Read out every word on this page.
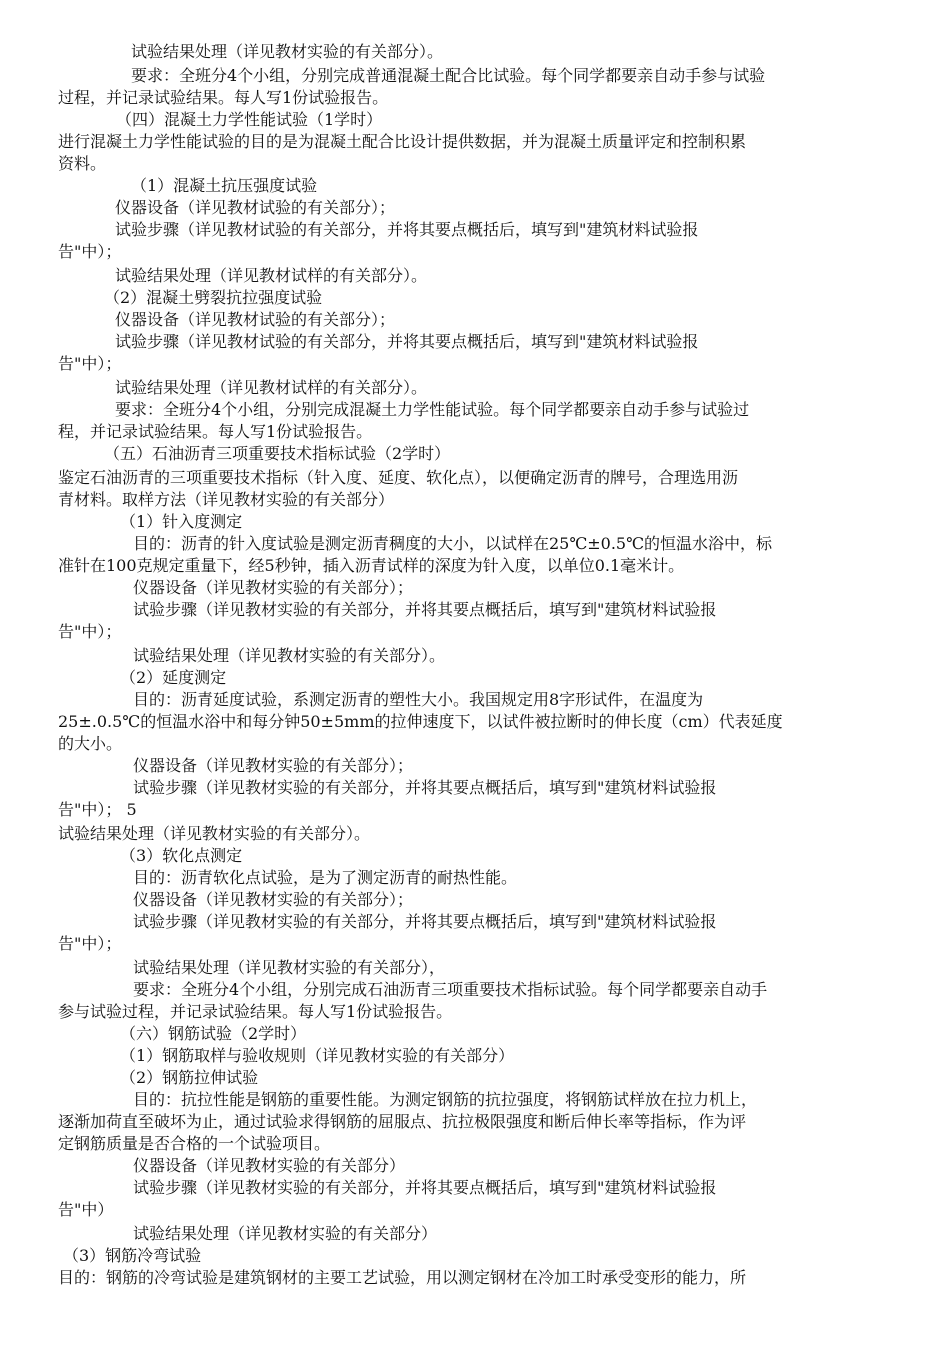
试验结果处理（详见教材实验的有关部分）。
要求：全班分4个小组，分别完成普通混凝土配合比试验。每个同学都要亲自动手参与试验
过程，并记录试验结果。每人写1份试验报告。
（四）混凝土力学性能试验（1学时）
进行混凝土力学性能试验的目的是为混凝土配合比设计提供数据，并为混凝土质量评定和控制积累
资料。
（1）混凝土抗压强度试验
仪器设备（详见教材试验的有关部分）；
试验步骤（详见教材试验的有关部分，并将其要点概括后，填写到"建筑材料试验报
告"中）；
试验结果处理（详见教材试样的有关部分）。
（2）混凝土劈裂抗拉强度试验
仪器设备（详见教材试验的有关部分）；
试验步骤（详见教材试验的有关部分，并将其要点概括后，填写到"建筑材料试验报
告"中）；
试验结果处理（详见教材试样的有关部分）。
要求：全班分4个小组，分别完成混凝土力学性能试验。每个同学都要亲自动手参与试验过
程，并记录试验结果。每人写1份试验报告。
（五）石油沥青三项重要技术指标试验（2学时）
鉴定石油沥青的三项重要技术指标（针入度、延度、软化点），以便确定沥青的牌号，合理选用沥
青材料。取样方法（详见教材实验的有关部分）
（1）针入度测定
目的：沥青的针入度试验是测定沥青稠度的大小，以试样在25℃±0.5℃的恒温水浴中，标
准针在100克规定重量下，经5秒钟，插入沥青试样的深度为针入度，以单位0.1毫米计。
仪器设备（详见教材实验的有关部分）；
试验步骤（详见教材实验的有关部分，并将其要点概括后，填写到"建筑材料试验报
告"中）；
试验结果处理（详见教材实验的有关部分）。
（2）延度测定
目的：沥青延度试验，系测定沥青的塑性大小。我国规定用8字形试件，在温度为
25±.0.5℃的恒温水浴中和每分钟50±5mm的拉伸速度下，以试件被拉断时的伸长度（cm）代表延度
的大小。
仪器设备（详见教材实验的有关部分）；
试验步骤（详见教材实验的有关部分，并将其要点概括后，填写到"建筑材料试验报
告"中）； 5
试验结果处理（详见教材实验的有关部分）。
（3）软化点测定
目的：沥青软化点试验，是为了测定沥青的耐热性能。
仪器设备（详见教材实验的有关部分）；
试验步骤（详见教材实验的有关部分，并将其要点概括后，填写到"建筑材料试验报
告"中）；
试验结果处理（详见教材实验的有关部分），
要求：全班分4个小组，分别完成石油沥青三项重要技术指标试验。每个同学都要亲自动手
参与试验过程，并记录试验结果。每人写1份试验报告。
（六）钢筋试验（2学时）
（1）钢筋取样与验收规则（详见教材实验的有关部分）
（2）钢筋拉伸试验
目的：抗拉性能是钢筋的重要性能。为测定钢筋的抗拉强度，将钢筋试样放在拉力机上，
逐渐加荷直至破坏为止，通过试验求得钢筋的屈服点、抗拉极限强度和断后伸长率等指标，作为评
定钢筋质量是否合格的一个试验项目。
仪器设备（详见教材实验的有关部分）
试验步骤（详见教材实验的有关部分，并将其要点概括后，填写到"建筑材料试验报
告"中）
试验结果处理（详见教材实验的有关部分）
（3）钢筋冷弯试验
目的：钢筋的冷弯试验是建筑钢材的主要工艺试验，用以测定钢材在冷加工时承受变形的能力，所
